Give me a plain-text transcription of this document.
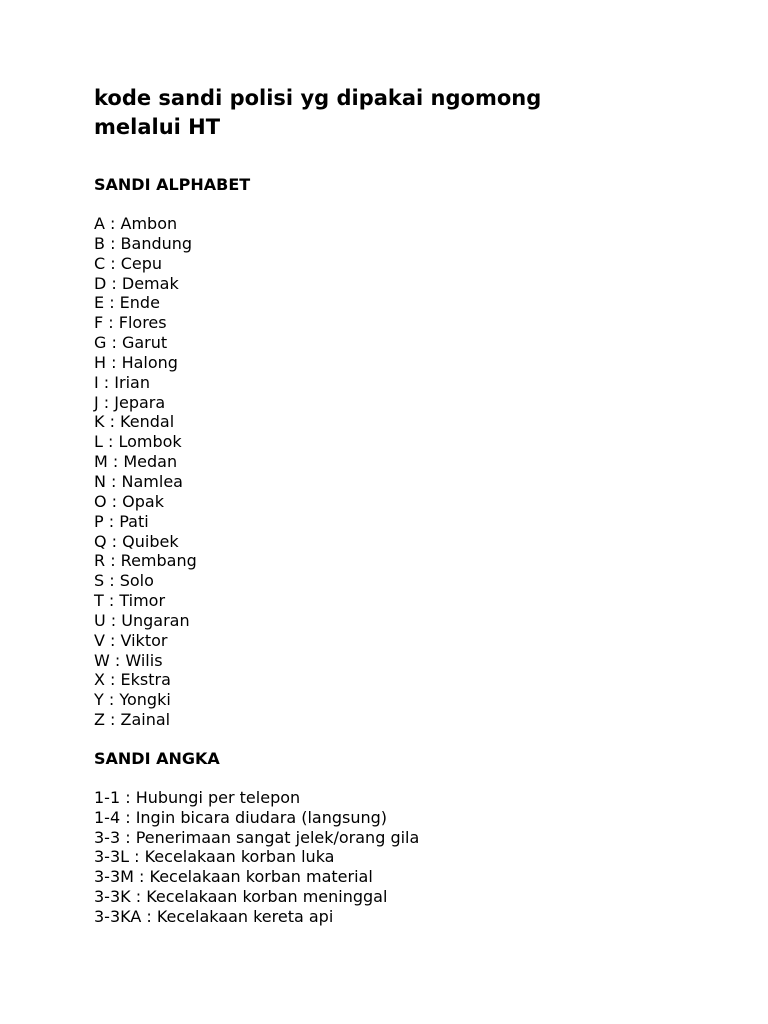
kode sandi polisi yg dipakai ngomong
melalui HT
SANDI ALPHABET
A : Ambon
B : Bandung
C : Cepu
D : Demak
E : Ende
F : Flores
G : Garut
H : Halong
I : Irian
J : Jepara
K : Kendal
L : Lombok
M : Medan
N : Namlea
O : Opak
P : Pati
Q : Quibek
R : Rembang
S : Solo
T : Timor
U : Ungaran
V : Viktor
W : Wilis
X : Ekstra
Y : Yongki
Z : Zainal
SANDI ANGKA
1-1 : Hubungi per telepon
1-4 : Ingin bicara diudara (langsung)
3-3 : Penerimaan sangat jelek/orang gila
3-3L : Kecelakaan korban luka
3-3M : Kecelakaan korban material
3-3K : Kecelakaan korban meninggal
3-3KA : Kecelakaan kereta api
